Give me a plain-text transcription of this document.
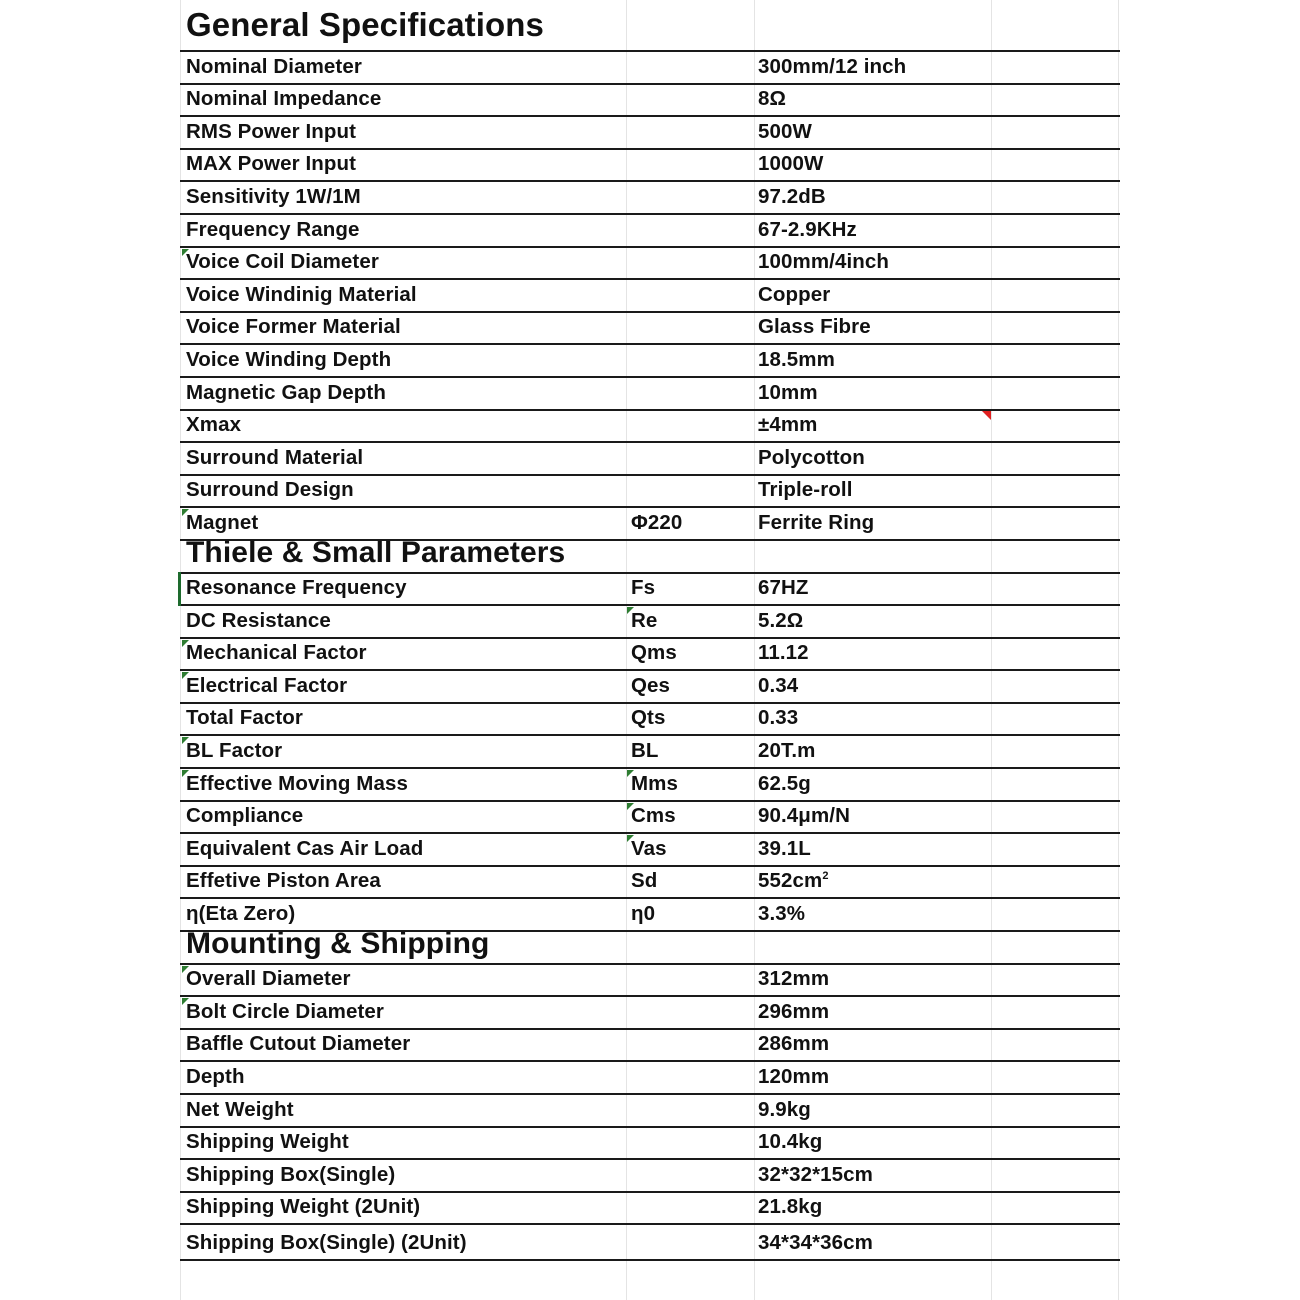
General Specifications
Nominal Diameter	300mm/12 inch
Nominal Impedance	8Ω
RMS Power Input	500W
MAX Power Input	1000W
Sensitivity 1W/1M	97.2dB
Frequency Range	67-2.9KHz
Voice Coil Diameter	100mm/4inch
Voice Windinig Material	Copper
Voice Former Material	Glass Fibre
Voice Winding Depth	18.5mm
Magnetic Gap Depth	10mm
Xmax	±4mm
Surround Material	Polycotton
Surround Design	Triple-roll
Magnet	Φ220	Ferrite Ring
Thiele & Small Parameters
Resonance Frequency	Fs	67HZ
DC Resistance	Re	5.2Ω
Mechanical Factor	Qms	11.12
Electrical Factor	Qes	0.34
Total Factor	Qts	0.33
BL Factor	BL	20T.m
Effective Moving Mass	Mms	62.5g
Compliance	Cms	90.4μm/N
Equivalent Cas Air Load	Vas	39.1L
Effetive Piston Area	Sd	$552cm^2$
η(Eta Zero)	η0	3.3%
Mounting & Shipping
Overall Diameter	312mm
Bolt Circle Diameter	296mm
Baffle Cutout Diameter	286mm
Depth	120mm
Net Weight	9.9kg
Shipping Weight	10.4kg
Shipping Box(Single)	32*32*15cm
Shipping Weight (2Unit)	21.8kg
Shipping Box(Single) (2Unit)	34*34*36cm
